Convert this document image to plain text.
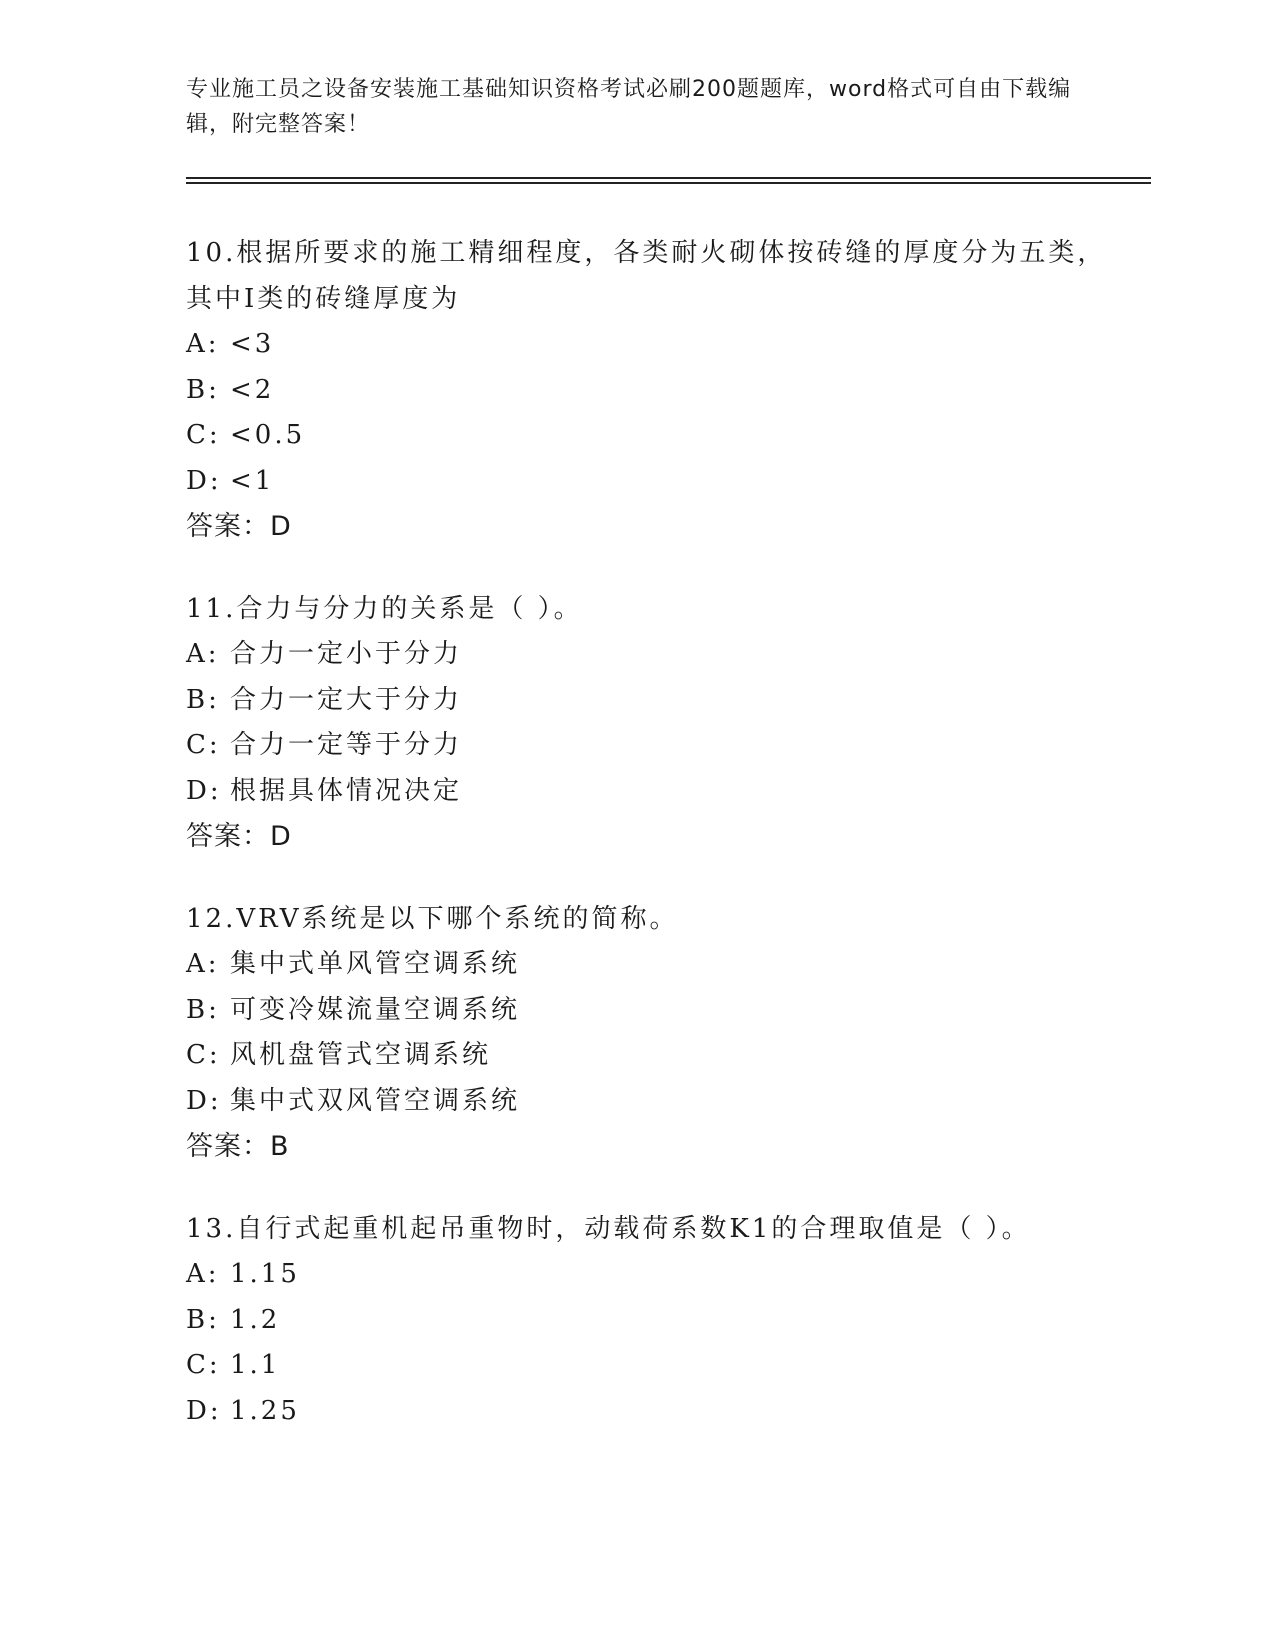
专业施工员之设备安装施工基础知识资格考试必刷200题题库，word格式可自由下载编辑，附完整答案！
10.根据所要求的施工精细程度，各类耐火砌体按砖缝的厚度分为五类，其中Ⅰ类的砖缝厚度为
A: <3
B: <2
C: <0.5
D: <1
答案：D
11.合力与分力的关系是（ ）。
A: 合力一定小于分力
B: 合力一定大于分力
C: 合力一定等于分力
D: 根据具体情况决定
答案：D
12.VRV系统是以下哪个系统的简称。
A: 集中式单风管空调系统
B: 可变冷媒流量空调系统
C: 风机盘管式空调系统
D: 集中式双风管空调系统
答案：B
13.自行式起重机起吊重物时，动载荷系数K1的合理取值是（ ）。
A: 1.15
B: 1.2
C: 1.1
D: 1.25
